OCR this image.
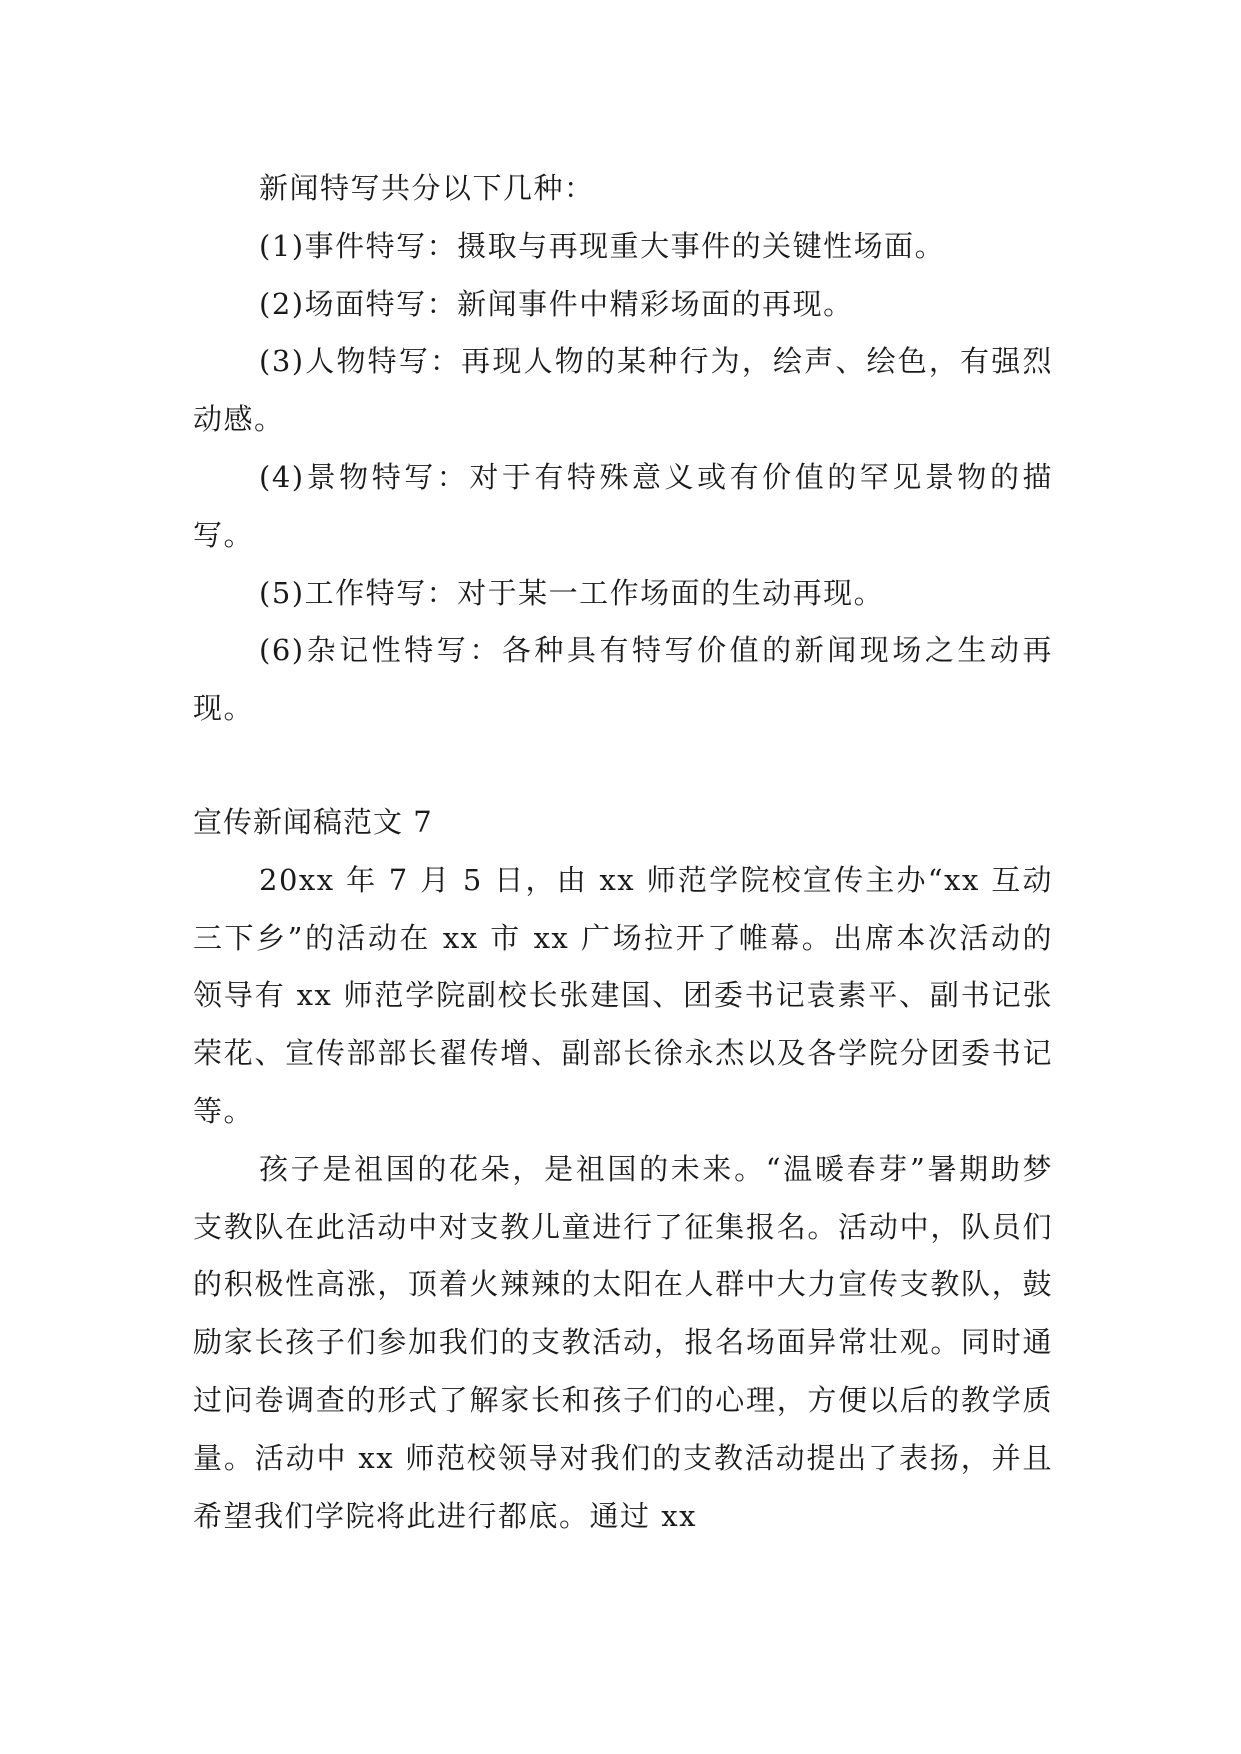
新闻特写共分以下几种：

(1)事件特写：摄取与再现重大事件的关键性场面。

(2)场面特写：新闻事件中精彩场面的再现。

(3)人物特写：再现人物的某种行为，绘声、绘色，有强烈动感。

(4)景物特写：对于有特殊意义或有价值的罕见景物的描写。

(5)工作特写：对于某一工作场面的生动再现。

(6)杂记性特写：各种具有特写价值的新闻现场之生动再现。

宣传新闻稿范文 7

20xx 年 7 月 5 日，由 xx 师范学院校宣传主办“xx 互动三下乡”的活动在 xx 市 xx 广场拉开了帷幕。出席本次活动的领导有 xx 师范学院副校长张建国、团委书记袁素平、副书记张荣花、宣传部部长翟传增、副部长徐永杰以及各学院分团委书记等。

孩子是祖国的花朵，是祖国的未来。“温暖春芽”暑期助梦支教队在此活动中对支教儿童进行了征集报名。活动中，队员们的积极性高涨，顶着火辣辣的太阳在人群中大力宣传支教队，鼓励家长孩子们参加我们的支教活动，报名场面异常壮观。同时通过问卷调查的形式了解家长和孩子们的心理，方便以后的教学质量。活动中 xx 师范校领导对我们的支教活动提出了表扬，并且希望我们学院将此进行都底。通过 xx
